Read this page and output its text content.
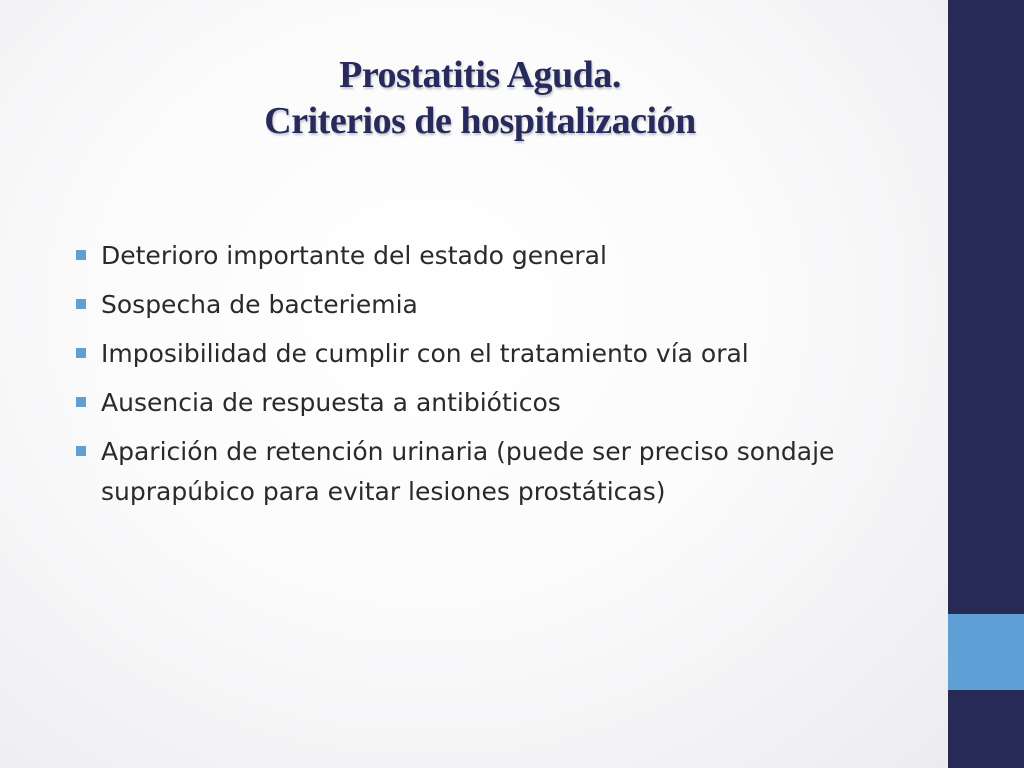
Prostatitis Aguda.
Criterios de hospitalización
Deterioro importante del estado general
Sospecha de bacteriemia
Imposibilidad de cumplir con el tratamiento vía oral
Ausencia de respuesta a antibióticos
Aparición de retención urinaria (puede ser preciso sondaje suprapúbico para evitar lesiones prostáticas)
